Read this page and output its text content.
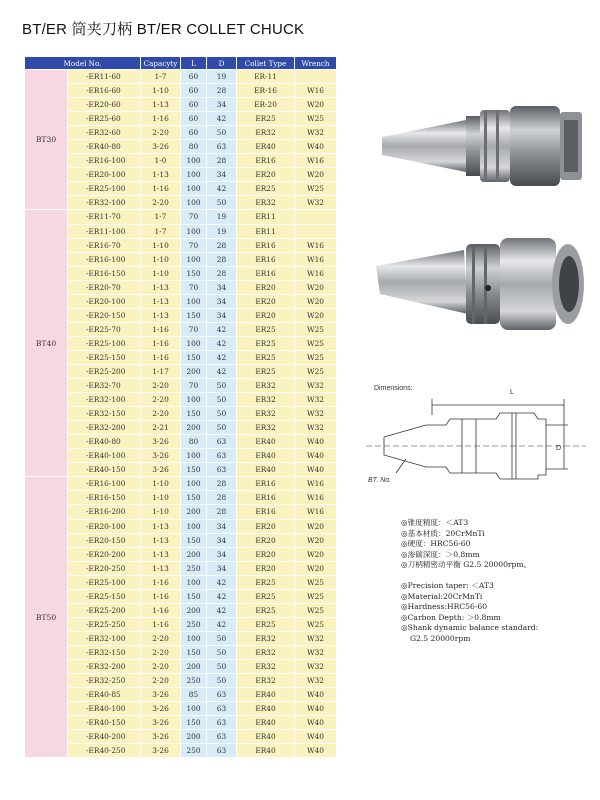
BT/ER 筒夹刀柄 BT/ER COLLET CHUCK
Model No.		Capacyty	L	D	Collet Type	Wrench
BT30	-ER11-60	1-7	60	19	ER-11	
	-ER16-60	1-10	60	28	ER-16	W16
	-ER20-60	1-13	60	34	ER-20	W20
	-ER25-60	1-16	60	42	ER25	W25
	-ER32-60	2-20	60	50	ER32	W32
	-ER40-80	3-26	80	63	ER40	W40
	-ER16-100	1-0	100	28	ER16	W16
	-ER20-100	1-13	100	34	ER20	W20
	-ER25-100	1-16	100	42	ER25	W25
	-ER32-100	2-20	100	50	ER32	W32
BT40	-ER11-70	1-7	70	19	ER11	
	-ER11-100	1-7	100	19	ER11	
	-ER16-70	1-10	70	28	ER16	W16
	-ER16-100	1-10	100	28	ER16	W16
	-ER16-150	1-10	150	28	ER16	W16
	-ER20-70	1-13	70	34	ER20	W20
	-ER20-100	1-13	100	34	ER20	W20
	-ER20-150	1-13	150	34	ER20	W20
	-ER25-70	1-16	70	42	ER25	W25
	-ER25-100	1-16	100	42	ER25	W25
	-ER25-150	1-16	150	42	ER25	W25
	-ER25-200	1-17	200	42	ER25	W25
	-ER32-70	2-20	70	50	ER32	W32
	-ER32-100	2-20	100	50	ER32	W32
	-ER32-150	2-20	150	50	ER32	W32
	-ER32-200	2-21	200	50	ER32	W32
	-ER40-80	3-26	80	63	ER40	W40
	-ER40-100	3-26	100	63	ER40	W40
	-ER40-150	3-26	150	63	ER40	W40
BT50	-ER16-100	1-10	100	28	ER16	W16
	-ER16-150	1-10	150	28	ER16	W16
	-ER16-200	1-10	200	28	ER16	W16
	-ER20-100	1-13	100	34	ER20	W20
	-ER20-150	1-13	150	34	ER20	W20
	-ER20-200	1-13	200	34	ER20	W20
	-ER20-250	1-13	250	34	ER20	W20
	-ER25-100	1-16	100	42	ER25	W25
	-ER25-150	1-16	150	42	ER25	W25
	-ER25-200	1-16	200	42	ER25	W25
	-ER25-250	1-16	250	42	ER25	W25
	-ER32-100	2-20	100	50	ER32	W32
	-ER32-150	2-20	150	50	ER32	W32
	-ER32-200	2-20	200	50	ER32	W32
	-ER32-250	2-20	250	50	ER32	W32
	-ER40-85	3-26	85	63	ER40	W40
	-ER40-100	3-26	100	63	ER40	W40
	-ER40-150	3-26	150	63	ER40	W40
	-ER40-200	3-26	200	63	ER40	W40
	-ER40-250	3-26	250	63	ER40	W40
Dimensions:
L
D
BT. No.
◎锥度精度：＜AT3
◎基本材质：20CrMnTi
◎硬度：HRC56-60
◎渗碳深度：＞0.8mm
◎刀柄精密动平衡 G2.5 20000rpm。
◎Precision taper: ＜AT3
◎Material:20CrMnTi
◎Hardness:HRC56-60
◎Carbon Depth: ＞0.8mm
◎Shank dynamic balance standard:
G2.5 20000rpm
